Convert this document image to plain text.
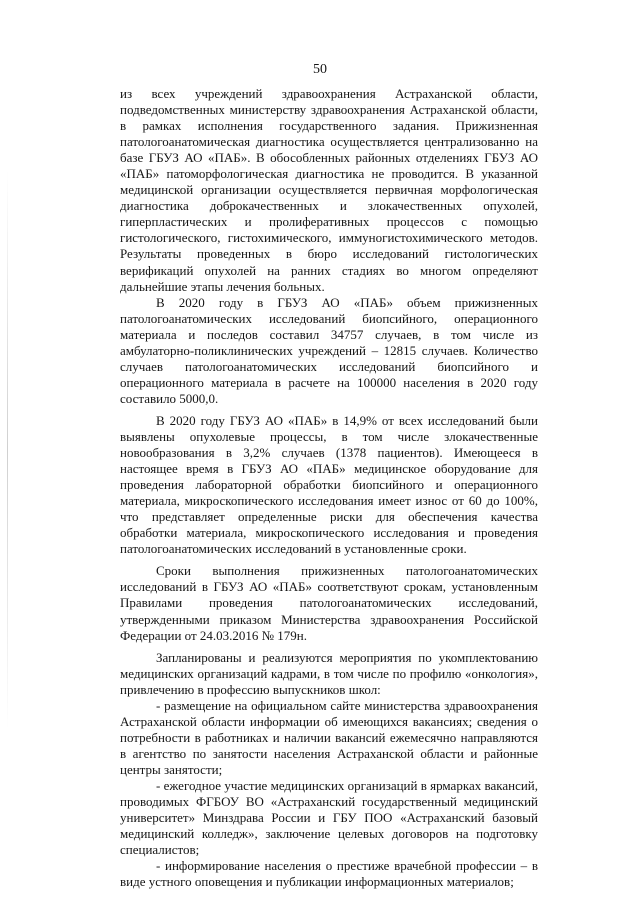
50

из всех учреждений здравоохранения Астраханской области, подведомственных министерству здравоохранения Астраханской области, в рамках исполнения государственного задания. Прижизненная патологоанатомическая диагностика осуществляется централизованно на базе ГБУЗ АО «ПАБ». В обособленных районных отделениях ГБУЗ АО «ПАБ» патоморфологическая диагностика не проводится. В указанной медицинской организации осуществляется первичная морфологическая диагностика доброкачественных и злокачественных опухолей, гиперпластических и пролиферативных процессов с помощью гистологического, гистохимического, иммуногистохимического методов. Результаты проведенных в бюро исследований гистологических верификаций опухолей на ранних стадиях во многом определяют дальнейшие этапы лечения больных.

В 2020 году в ГБУЗ АО «ПАБ» объем прижизненных патологоанатомических исследований биопсийного, операционного материала и последов составил 34757 случаев, в том числе из амбулаторно-поликлинических учреждений – 12815 случаев. Количество случаев патологоанатомических исследований биопсийного и операционного материала в расчете на 100000 населения в 2020 году составило 5000,0.

В 2020 году ГБУЗ АО «ПАБ» в 14,9% от всех исследований были выявлены опухолевые процессы, в том числе злокачественные новообразования в 3,2% случаев (1378 пациентов). Имеющееся в настоящее время в ГБУЗ АО «ПАБ» медицинское оборудование для проведения лабораторной обработки биопсийного и операционного материала, микроскопического исследования имеет износ от 60 до 100%, что представляет определенные риски для обеспечения качества обработки материала, микроскопического исследования и проведения патологоанатомических исследований в установленные сроки.

Сроки выполнения прижизненных патологоанатомических исследований в ГБУЗ АО «ПАБ» соответствуют срокам, установленным Правилами проведения патологоанатомических исследований, утвержденными приказом Министерства здравоохранения Российской Федерации от 24.03.2016 № 179н.

Запланированы и реализуются мероприятия по укомплектованию медицинских организаций кадрами, в том числе по профилю «онкология», привлечению в профессию выпускников школ:

- размещение на официальном сайте министерства здравоохранения Астраханской области информации об имеющихся вакансиях; сведения о потребности в работниках и наличии вакансий ежемесячно направляются в агентство по занятости населения Астраханской области и районные центры занятости;

- ежегодное участие медицинских организаций в ярмарках вакансий, проводимых ФГБОУ ВО «Астраханский государственный медицинский университет» Минздрава России и ГБУ ПОО «Астраханский базовый медицинский колледж», заключение целевых договоров на подготовку специалистов;

- информирование населения о престиже врачебной профессии – в виде устного оповещения и публикации информационных материалов;
